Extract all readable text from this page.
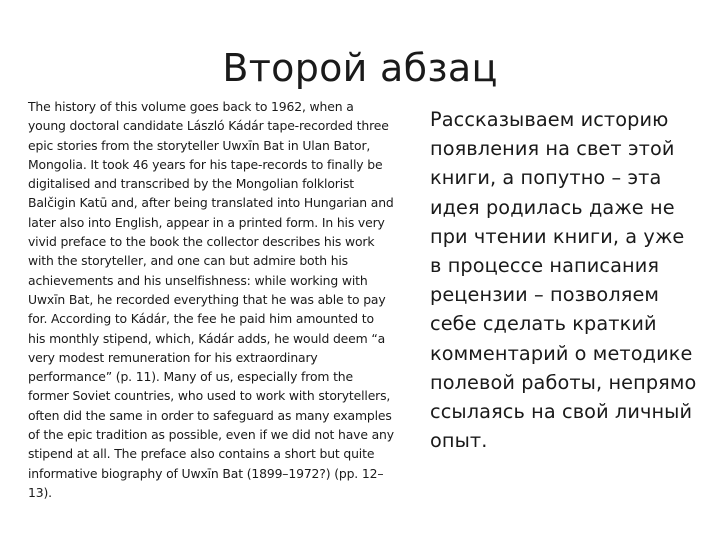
Второй абзац

The history of this volume goes back to 1962, when a young doctoral candidate László Kádár tape-recorded three epic stories from the storyteller Uwxīn Bat in Ulan Bator, Mongolia. It took 46 years for his tape-records to finally be digitalised and transcribed by the Mongolian folklorist Balčigin Katū and, after being translated into Hungarian and later also into English, appear in a printed form. In his very vivid preface to the book the collector describes his work with the storyteller, and one can but admire both his achievements and his unselfishness: while working with Uwxīn Bat, he recorded everything that he was able to pay for. According to Kádár, the fee he paid him amounted to his monthly stipend, which, Kádár adds, he would deem “a very modest remuneration for his extraordinary performance” (p. 11). Many of us, especially from the former Soviet countries, who used to work with storytellers, often did the same in order to safeguard as many examples of the epic tradition as possible, even if we did not have any stipend at all. The preface also contains a short but quite informative biography of Uwxīn Bat (1899–1972?) (pp. 12–13).

Рассказываем историю появления на свет этой книги, а попутно – эта идея родилась даже не при чтении книги, а уже в процессе написания рецензии – позволяем себе сделать краткий комментарий о методике полевой работы, непрямо ссылаясь на свой личный опыт.
